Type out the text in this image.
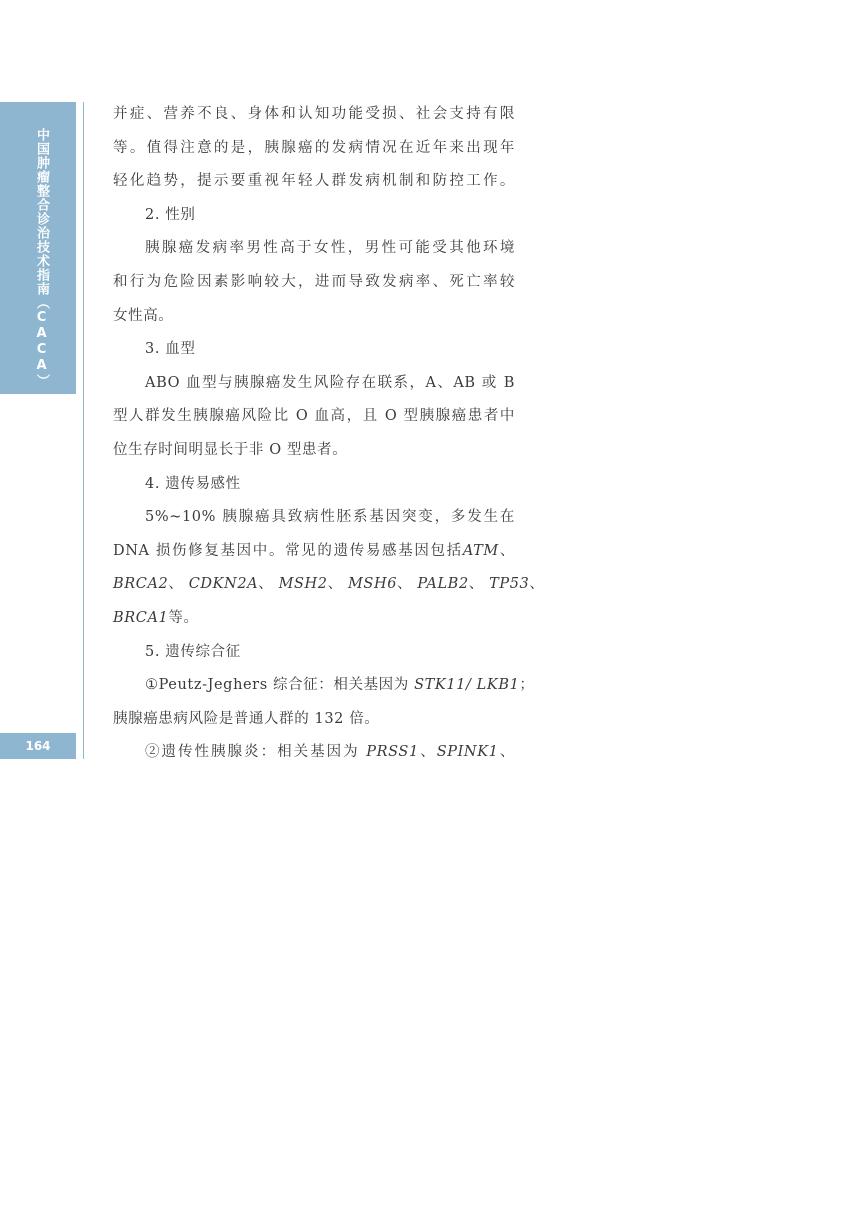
中国肿瘤整合诊治技术指南（CACA）
164
并症、营养不良、身体和认知功能受损、社会支持有限
等。值得注意的是，胰腺癌的发病情况在近年来出现年
轻化趋势，提示要重视年轻人群发病机制和防控工作。
2. 性别
胰腺癌发病率男性高于女性，男性可能受其他环境
和行为危险因素影响较大，进而导致发病率、死亡率较
女性高。
3. 血型
ABO 血型与胰腺癌发生风险存在联系，A、AB 或 B
型人群发生胰腺癌风险比 O 血高，且 O 型胰腺癌患者中
位生存时间明显长于非 O 型患者。
4. 遗传易感性
5%~10% 胰腺癌具致病性胚系基因突变，多发生在
DNA 损伤修复基因中。常见的遗传易感基因包括ATM、
BRCA2、 CDKN2A、 MSH2、 MSH6、 PALB2、 TP53、
BRCA1等。
5. 遗传综合征
①Peutz-Jeghers 综合征：相关基因为 STK11/ LKB1；
胰腺癌患病风险是普通人群的 132 倍。
②遗传性胰腺炎：相关基因为 PRSS1、SPINK1、
